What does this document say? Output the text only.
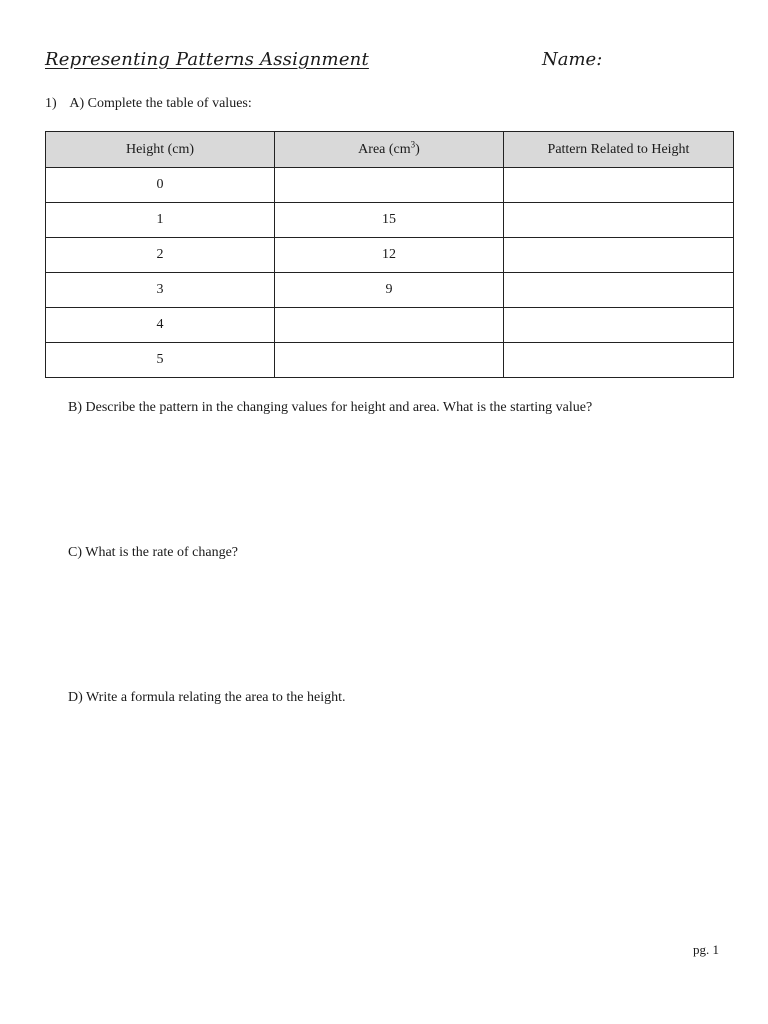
Representing Patterns Assignment	Name:
1) A) Complete the table of values:
Height (cm)	Area $(cm^3)$	Pattern Related to Height
0		
1	15	
2	12	
3	9	
4		
5		
B) Describe the pattern in the changing values for height and area. What is the starting value?
C) What is the rate of change?
D) Write a formula relating the area to the height.
pg. 1
